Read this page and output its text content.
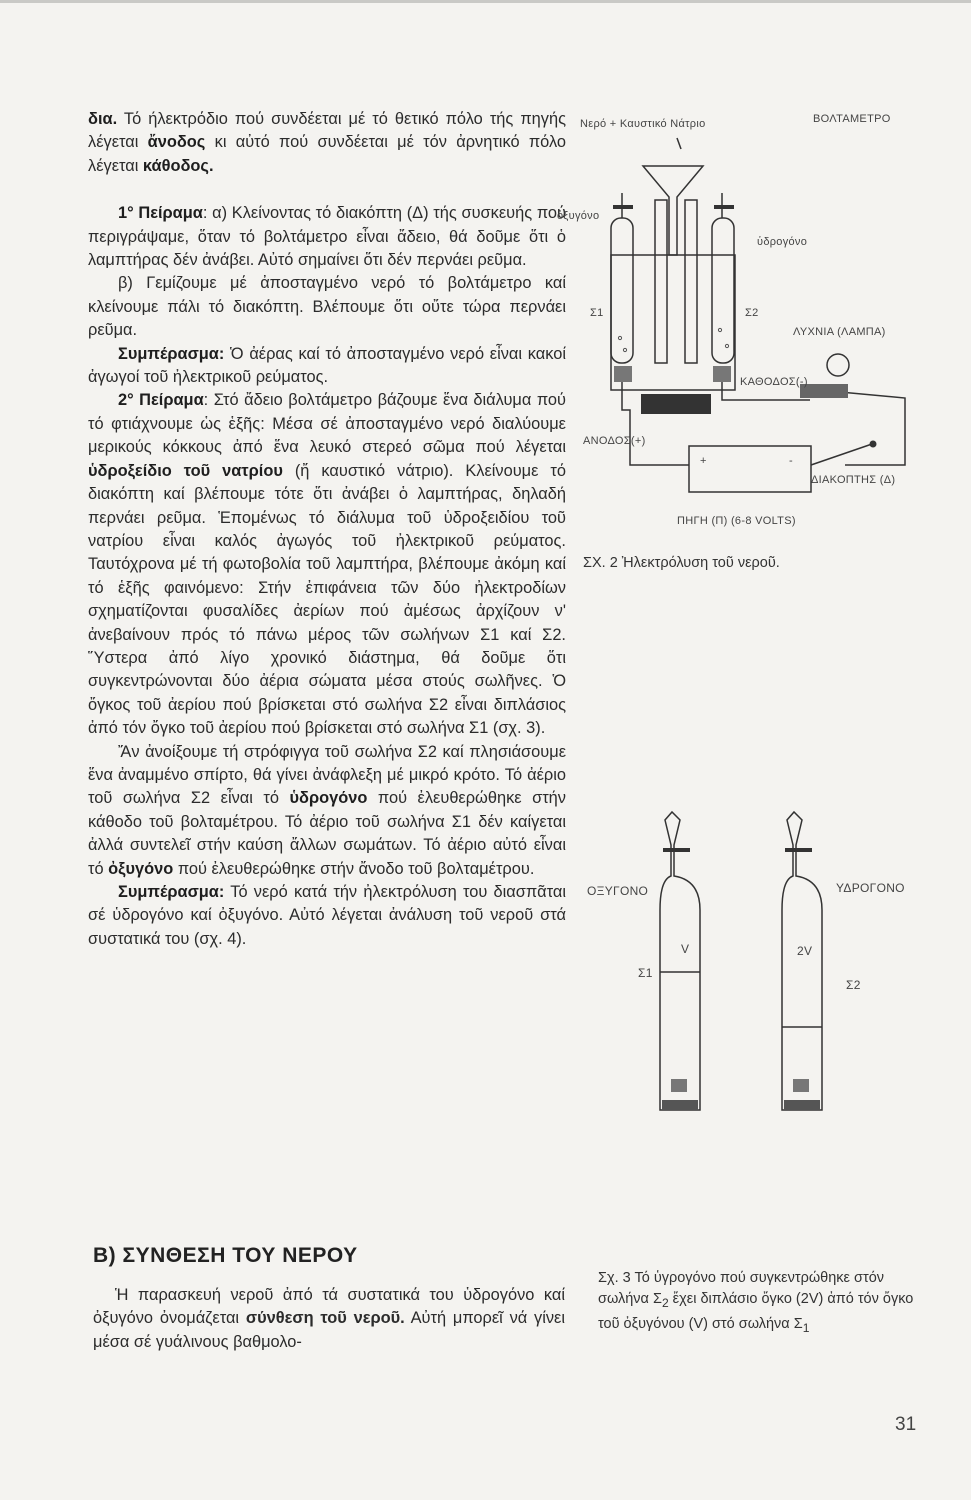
δια. Τό ήλεκτρόδιο πού συνδέεται μέ τό θετικό πόλο τής πηγής λέγεται ἄνοδος κι αὐτό πού συνδέεται μέ τόν ἀρνητικό πόλο λέγεται κάθοδος.

1° Πείραμα: α) Κλείνοντας τό διακόπτη (Δ) τής συσκευής πού περιγράψαμε, ὅταν τό βολτάμετρο εἶναι ἄδειο, θά δοῦμε ὅτι ὁ λαμπτήρας δέν ἀνάβει. Αὐτό σημαίνει ὅτι δέν περνάει ρεῦμα.

β) Γεμίζουμε μέ ἀποσταγμένο νερό τό βολτάμετρο καί κλείνουμε πάλι τό διακόπτη. Βλέπουμε ὅτι οὔτε τώρα περνάει ρεῦμα.

Συμπέρασμα: Ὁ ἀέρας καί τό ἀποσταγμένο νερό εἶναι κακοί ἀγωγοί τοῦ ἠλεκτρικοῦ ρεύματος.

2° Πείραμα: Στό ἄδειο βολτάμετρο βάζουμε ἕνα διάλυμα πού τό φτιάχνουμε ὡς ἑξῆς: Μέσα σέ ἀποσταγμένο νερό διαλύουμε μερικούς κόκκους ἀπό ἕνα λευκό στερεό σῶμα πού λέγεται ὑδροξείδιο τοῦ νατρίου (ἤ καυστικό νάτριο). Κλείνουμε τό διακόπτη καί βλέπουμε τότε ὅτι ἀνάβει ὁ λαμπτήρας, δηλαδή περνάει ρεῦμα. Ἑπομένως τό διάλυμα τοῦ ὑδροξειδίου τοῦ νατρίου εἶναι καλός ἀγωγός τοῦ ἠλεκτρικοῦ ρεύματος. Ταυτόχρονα μέ τή φωτοβολία τοῦ λαμπτήρα, βλέπουμε ἀκόμη καί τό ἑξῆς φαινόμενο: Στήν ἐπιφάνεια τῶν δύο ἠλεκτροδίων σχηματίζονται φυσαλίδες ἀερίων πού ἀμέσως ἀρχίζουν ν' ἀνεβαίνουν πρός τό πάνω μέρος τῶν σωλήνων Σ1 καί Σ2. Ὕστερα ἀπό λίγο χρονικό διάστημα, θά δοῦμε ὅτι συγκεντρώνονται δύο ἀέρια σώματα μέσα στούς σωλῆνες. Ὁ ὄγκος τοῦ ἀερίου πού βρίσκεται στό σωλήνα Σ2 εἶναι διπλάσιος ἀπό τόν ὄγκο τοῦ ἀερίου πού βρίσκεται στό σωλήνα Σ1 (σχ. 3).

Ἄν ἀνοίξουμε τή στρόφιγγα τοῦ σωλήνα Σ2 καί πλησιάσουμε ἕνα ἀναμμένο σπίρτο, θά γίνει ἀνάφλεξη μέ μικρό κρότο. Τό ἀέριο τοῦ σωλήνα Σ2 εἶναι τό ὑδρογόνο πού ἐλευθερώθηκε στήν κάθοδο τοῦ βολταμέτρου. Τό ἀέριο τοῦ σωλήνα Σ1 δέν καίγεται ἀλλά συντελεῖ στήν καύση ἄλλων σωμάτων. Τό ἀέριο αὐτό εἶναι τό ὀξυγόνο πού ἐλευθερώθηκε στήν ἄνοδο τοῦ βολταμέτρου.

Συμπέρασμα: Τό νερό κατά τήν ἠλεκτρόλυση του διασπᾶται σέ ὑδρογόνο καί ὀξυγόνο. Αὐτό λέγεται ἀνάλυση τοῦ νεροῦ στά συστατικά του (σχ. 4).

Β) ΣΥΝΘΕΣΗ ΤΟΥ ΝΕΡΟΥ
Ἡ παρασκευή νεροῦ ἀπό τά συστατικά του ὑδρογόνο καί ὀξυγόνο ὀνομάζεται σύνθεση τοῦ νεροῦ. Αὐτή μπορεῖ νά γίνει μέσα σέ γυάλινους βαθμολο-
Νερό + Καυστικό Νάτριο	ΒΟΛΤΑΜΕΤΡΟ
ὀξυγόνο
ὑδρογόνο
Σ1	Σ2
ΛΥΧΝΙΑ (ΛΑΜΠΑ)
ΚΑΘΟΔΟΣ(-)
ΑΝΟΔΟΣ(+)
+	-
ΔΙΑΚΟΠΤΗΣ (Δ)
ΠΗΓΗ (Π) (6-8 VOLTS)
ΣΧ. 2 Ἠλεκτρόλυση τοῦ νεροῦ.
ΟΞΥΓΟΝΟ	ΥΔΡΟΓΟΝΟ
V	2V
Σ1
Σ2
Σχ. 3 Τό ὑγρογόνο πού συγκεντρώθηκε στόν σωλήνα $\Sigma_2$ ἔχει διπλάσιο ὄγκο (2V) ἀπό τόν ὄγκο τοῦ ὀξυγόνου (V) στό σωλήνα $\Sigma_1$
31
